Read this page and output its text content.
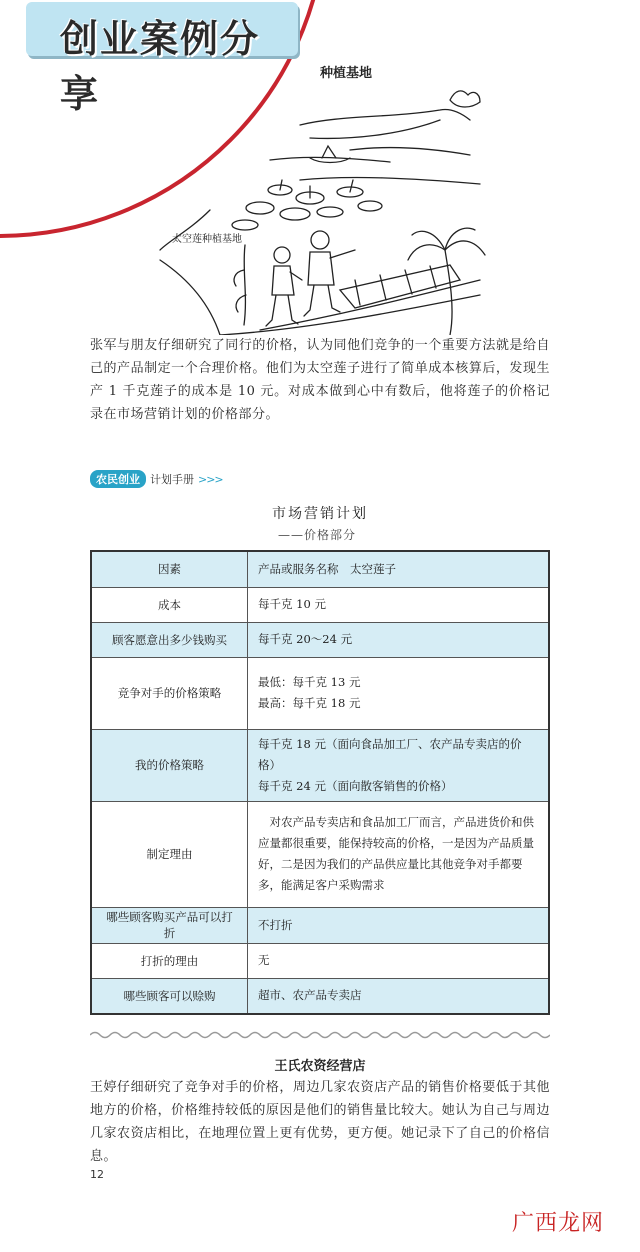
创业案例分享	种植基地
太空莲种植基地

张军与朋友仔细研究了同行的价格，认为同他们竞争的一个重要方法就是给自己的产品制定一个合理价格。他们为太空莲子进行了简单成本核算后，发现生产 1 千克莲子的成本是 10 元。对成本做到心中有数后，他将莲子的价格记录在市场营销计划的价格部分。

农民创业 计划手册 >>>
市场营销计划
——价格部分
因素	产品或服务名称　太空莲子
成本	每千克 10 元
顾客愿意出多少钱购买	每千克 20～24 元
竞争对手的价格策略	最低：每千克 13 元
最高：每千克 18 元
我的价格策略	每千克 18 元（面向食品加工厂、农产品专卖店的价格）
每千克 24 元（面向散客销售的价格）
制定理由	　对农产品专卖店和食品加工厂而言，产品进货价和供应量都很重要，能保持较高的价格，一是因为产品质量好，二是因为我们的产品供应量比其他竞争对手都要多，能满足客户采购需求
哪些顾客购买产品可以打折	不打折
打折的理由	无
哪些顾客可以赊购	超市、农产品专卖店
王氏农资经营店

王婷仔细研究了竞争对手的价格，周边几家农资店产品的销售价格要低于其他地方的价格，价格维持较低的原因是他们的销售量比较大。她认为自己与周边几家农资店相比，在地理位置上更有优势，更方便。她记录下了自己的价格信息。

12
广西龙网
